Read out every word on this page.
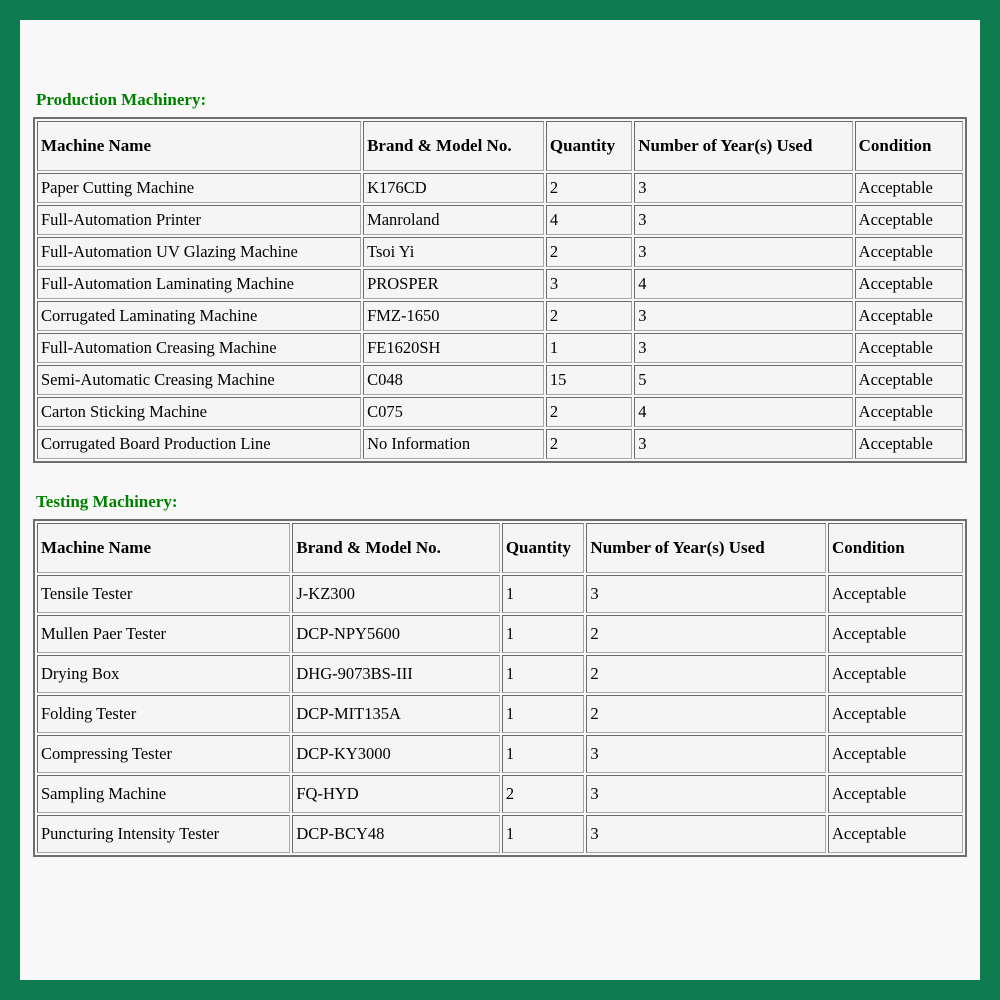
Production Machinery:
Machine Name	Brand & Model No.	Quantity	Number of Year(s) Used	Condition
Paper Cutting Machine	K176CD	2	3	Acceptable
Full-Automation Printer	Manroland	4	3	Acceptable
Full-Automation UV Glazing Machine	Tsoi Yi	2	3	Acceptable
Full-Automation Laminating Machine	PROSPER	3	4	Acceptable
Corrugated Laminating Machine	FMZ-1650	2	3	Acceptable
Full-Automation Creasing Machine	FE1620SH	1	3	Acceptable
Semi-Automatic Creasing Machine	C048	15	5	Acceptable
Carton Sticking Machine	C075	2	4	Acceptable
Corrugated Board Production Line	No Information	2	3	Acceptable
Testing Machinery:
Machine Name	Brand & Model No.	Quantity	Number of Year(s) Used	Condition
Tensile Tester	J-KZ300	1	3	Acceptable
Mullen Paer Tester	DCP-NPY5600	1	2	Acceptable
Drying Box	DHG-9073BS-III	1	2	Acceptable
Folding Tester	DCP-MIT135A	1	2	Acceptable
Compressing Tester	DCP-KY3000	1	3	Acceptable
Sampling Machine	FQ-HYD	2	3	Acceptable
Puncturing Intensity Tester	DCP-BCY48	1	3	Acceptable
